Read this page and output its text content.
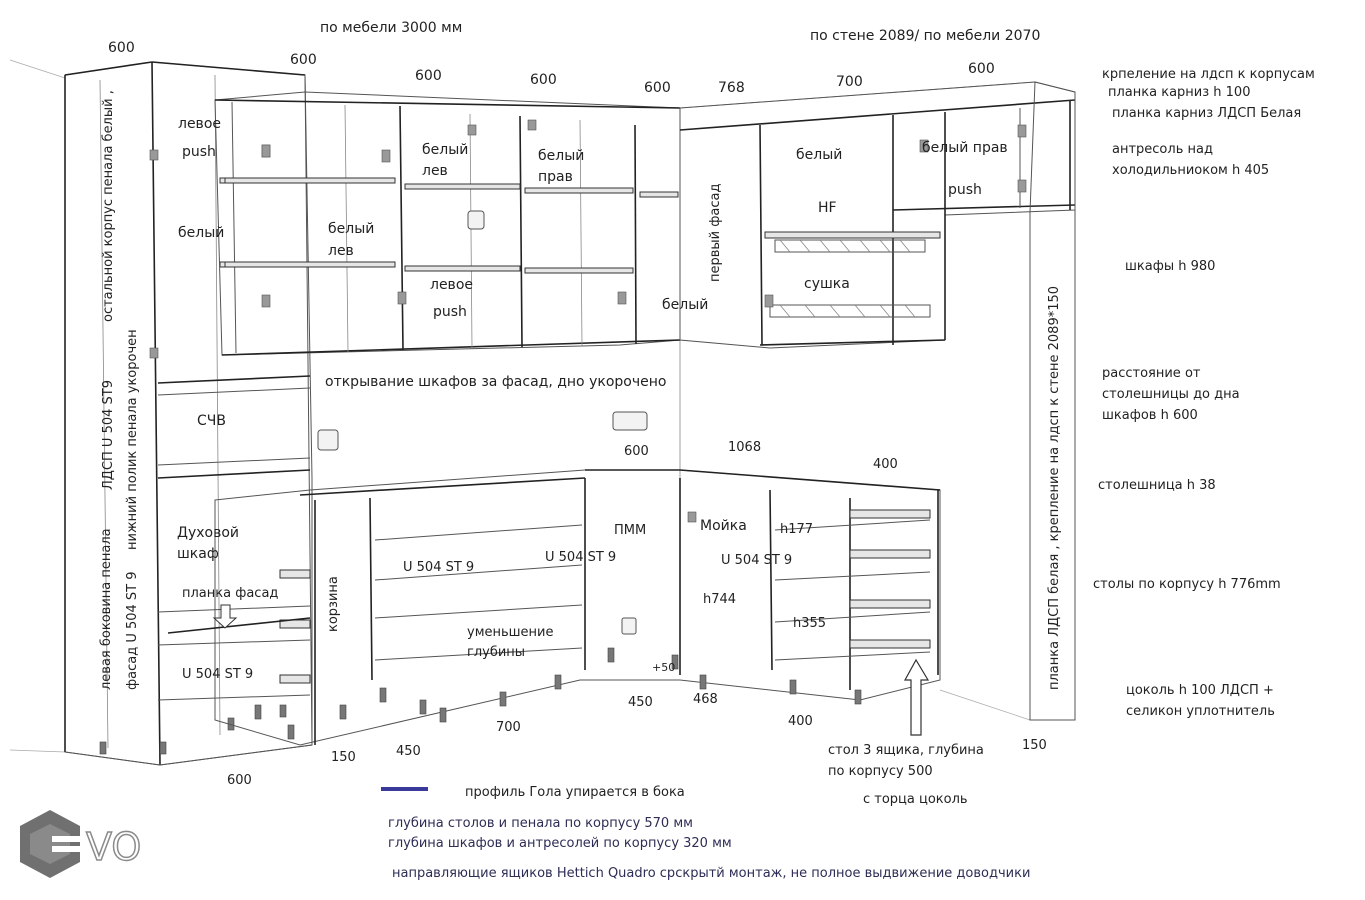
по мебели 3000 мм	по стене 2089/ по мебели 2070
600
600
600	600	600	768	700
600	крпеление на лдсп к корпусам
планка карниз h 100
планка карниз ЛДСП Белая
антресоль над
холодильниоком h 405
шкафы h 980
расстояние от
столешницы до дна
шкафов h 600
столешница h 38
столы по корпусу h 776mm
цоколь h 100 ЛДСП +
селикон уплотнитель
остальной корпус пенала белый ,
ЛДСП U 504 ST9 нижний полик пенала укорочен
левая боковина пенала фасад U 504 ST 9	планка ЛДСП белая , крепление на лдсп к стене 2089*150
первый фасад
левое
push
белый	белый
лев
белый
лев
левое
push
белый
прав
белый
белый
HF
сушка
белый прав
push
открывание шкафов за фасад, дно укорочено
СЧВ
Духовой
шкаф
планка фасад
U 504 ST 9
U 504 ST 9
U 504 ST 9	U 504 ST 9
корзина
ПММ	Мойка	h177
h744
h355
уменьшение
глубины
600	1068
400
600
150	450
700
450	468
400
150
+50
стол 3 ящика, глубина
по корпусу 500
с торца цоколь
профиль Гола упирается в бока
глубина столов и пенала по корпусу 570 мм
глубина шкафов и антресолей по корпусу 320 мм
направляющие ящиков Hettich Quadro срскрытй монтаж, не полное выдвижение доводчики
VO
